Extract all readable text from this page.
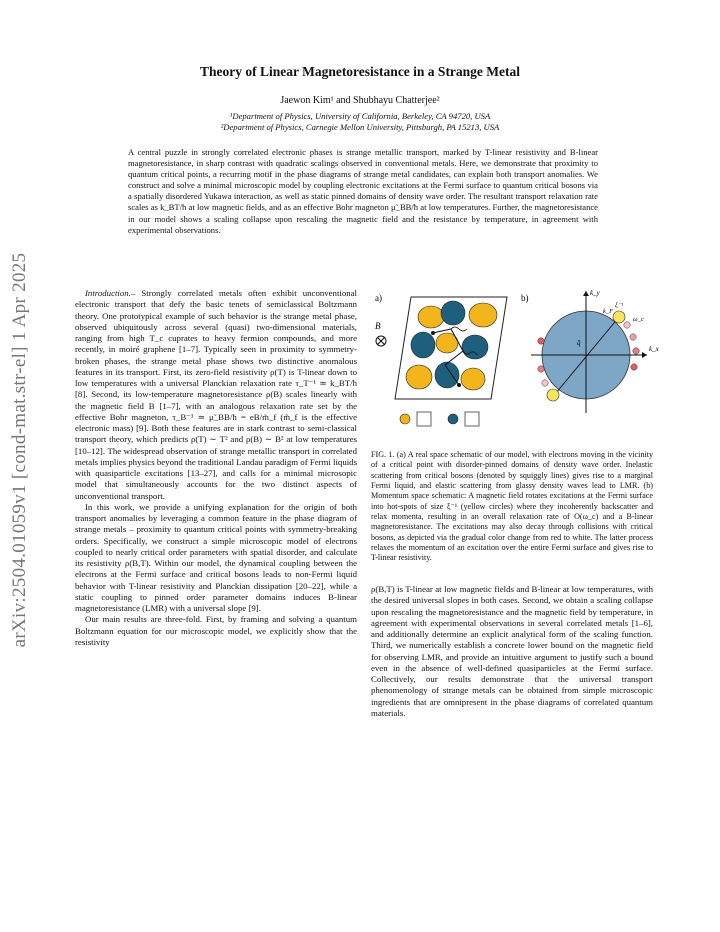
arXiv:2504.01059v1 [cond-mat.str-el] 1 Apr 2025
Theory of Linear Magnetoresistance in a Strange Metal
Jaewon Kim¹ and Shubhayu Chatterjee²
¹Department of Physics, University of California, Berkeley, CA 94720, USA
²Department of Physics, Carnegie Mellon University, Pittsburgh, PA 15213, USA
A central puzzle in strongly correlated electronic phases is strange metallic transport, marked by T-linear resistivity and B-linear magnetoresistance, in sharp contrast with quadratic scalings observed in conventional metals. Here, we demonstrate that proximity to quantum critical points, a recurring motif in the phase diagrams of strange metal candidates, can explain both transport anomalies. We construct and solve a minimal microscopic model by coupling electronic excitations at the Fermi surface to quantum critical bosons via a spatially disordered Yukawa interaction, as well as static pinned domains of density wave order. The resultant transport relaxation rate scales as k_BT/ħ at low magnetic fields, and as an effective Bohr magneton μ̃_BB/ħ at low temperatures. Further, the magnetoresistance in our model shows a scaling collapse upon rescaling the magnetic field and the resistance by temperature, in agreement with experimental observations.

Introduction.– Strongly correlated metals often exhibit unconventional electronic transport that defy the basic tenets of semiclassical Boltzmann theory. One prototypical example of such behavior is the strange metal phase, observed ubiquitously across several (quasi) two-dimensional materials, ranging from high T_c cuprates to heavy fermion compounds, and more recently, in moiré graphene [1–7]. Typically seen in proximity to symmetry-broken phases, the strange metal phase shows two distinctive anomalous features in its transport. First, its zero-field resistivity ρ(T) is T-linear down to low temperatures with a universal Planckian relaxation rate τ_T⁻¹ ≃ k_BT/ħ [8]. Second, its low-temperature magnetoresistance ρ(B) scales linearly with the magnetic field B [1–7], with an analogous relaxation rate set by the effective Bohr magneton, τ_B⁻¹ ≃ μ̃_BB/ħ = eB/m̃_f (m̃_f is the effective electronic mass) [9]. Both these features are in stark contrast to semi-classical transport theory, which predicts ρ(T) ∼ T² and ρ(B) ∼ B² at low temperatures [10–12]. The widespread observation of strange metallic transport in correlated metals implies physics beyond the traditional Landau paradigm of Fermi liquids with quasiparticle excitations [13–27], and calls for a minimal microsopic model that simultaneously accounts for the two distinct aspects of unconventional transport.

In this work, we provide a unifying explanation for the origin of both transport anomalies by leveraging a common feature in the phase diagram of strange metals – proximity to quantum critical points with symmetry-breaking orders. Specifically, we construct a simple microscopic model of electrons coupled to nearly critical order parameters with spatial disorder, and calculate its resistivity ρ(B,T). Within our model, the dynamical coupling between the electrons at the Fermi surface and critical bosons leads to non-Fermi liquid behavior with T-linear resistivity and Planckian dissipation [20–22], while a static coupling to pinned order parameter domains induces B-linear magnetoresistance (LMR) with a universal slope [9].

Our main results are three-fold. First, by framing and solving a quantum Boltzmann equation for our microscopic model, we explicitly show that the resistivity

a)
B⃗
b)
k_x
k_y
k_F
ξ⁻¹
ω_c
q̄
FIG. 1. (a) A real space schematic of our model, with electrons moving in the vicinity of a critical point with disorder-pinned domains of density wave order. Inelastic scattering from critical bosons (denoted by squiggly lines) gives rise to a marginal Fermi liquid, and elastic scattering from glassy density waves lead to LMR. (b) Momentum space schematic: A magnetic field rotates excitations at the Fermi surface into hot-spots of size ξ⁻¹ (yellow circles) where they incoherently backscatter and relax momenta, resulting in an overall relaxation rate of O(ω_c) and a B-linear magnetoresistance. The excitations may also decay through collisions with critical bosons, as depicted via the gradual color change from red to white. The latter process relaxes the momentum of an excitation over the entire Fermi surface and gives rise to T-linear resistivity.

ρ(B,T) is T-linear at low magnetic fields and B-linear at low temperatures, with the desired universal slopes in both cases. Second, we obtain a scaling collapse upon rescaling the magnetoresistance and the magnetic field by temperature, in agreement with experimental observations in several correlated metals [1–6], and additionally determine an explicit analytical form of the scaling function. Third, we numerically establish a concrete lower bound on the magnetic field for observing LMR, and provide an intuitive argument to justify such a bound even in the absence of well-defined quasiparticles at the Fermi surface. Collectively, our results demonstrate that the universal transport phenomenology of strange metals can be obtained from simple microscopic ingredients that are omnipresent in the phase diagrams of correlated quantum materials.
